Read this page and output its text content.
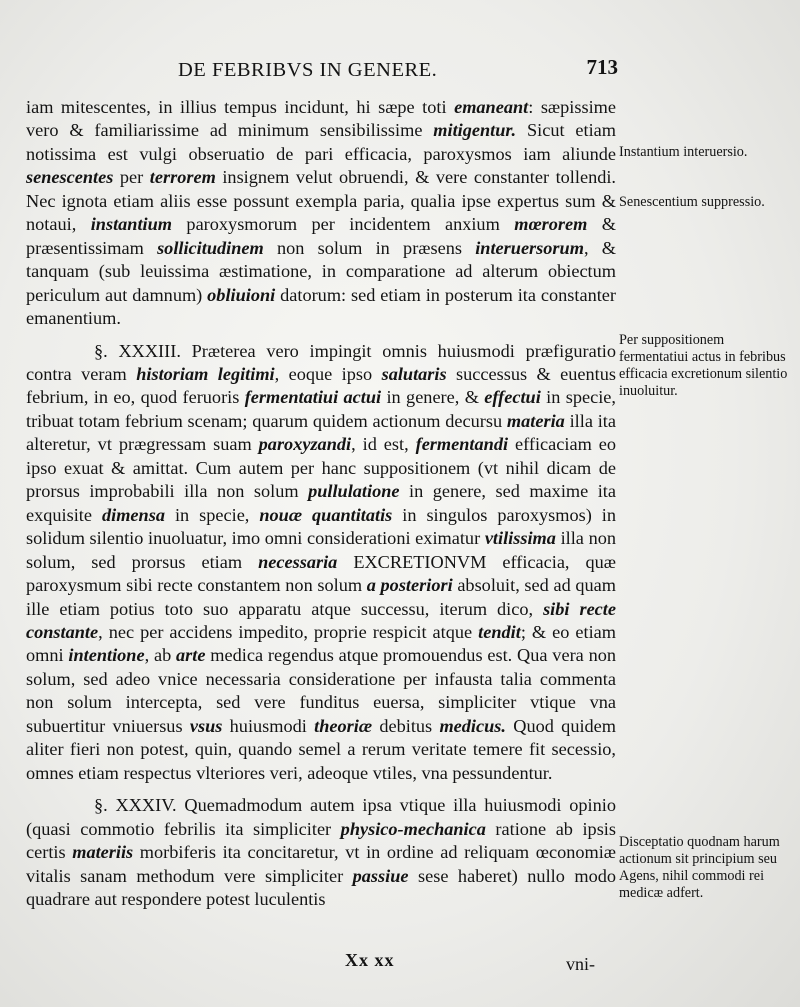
DE FEBRIBVS IN GENERE.	713

iam mitescentes, in illius tempus incidunt, hi sæpe toti emaneant: sæpissime vero & familiarissime ad minimum sensibilissime mitigentur. Sicut etiam notissima est vulgi obseruatio de pari efficacia, paroxysmos iam aliunde senescentes per terrorem insignem velut obruendi, & vere constanter tollendi. Nec ignota etiam aliis esse possunt exempla paria, qualia ipse expertus sum & notaui, instantium paroxysmorum per incidentem anxium mœrorem & præsentissimam sollicitudinem non solum in præsens interuersorum, & tanquam (sub leuissima æstimatione, in comparatione ad alterum obiectum periculum aut damnum) obliuioni datorum: sed etiam in posterum ita constanter emanentium.

§. XXXIII. Præterea vero impingit omnis huiusmodi præfiguratio contra veram historiam legitimi, eoque ipso salutaris successus & euentus febrium, in eo, quod feruoris fermentatiui actui in genere, & effectui in specie, tribuat totam febrium scenam; quarum quidem actionum decursu materia illa ita alteretur, vt prægressam suam paroxyzandi, id est, fermentandi efficaciam eo ipso exuat & amittat. Cum autem per hanc suppositionem (vt nihil dicam de prorsus improbabili illa non solum pullulatione in genere, sed maxime ita exquisite dimensa in specie, nouæ quantitatis in singulos paroxysmos) in solidum silentio inuoluatur, imo omni considerationi eximatur vtilissima illa non solum, sed prorsus etiam necessaria EXCRETIONVM efficacia, quæ paroxysmum sibi recte constantem non solum a posteriori absoluit, sed ad quam ille etiam potius toto suo apparatu atque successu, iterum dico, sibi recte constante, nec per accidens impedito, proprie respicit atque tendit; & eo etiam omni intentione, ab arte medica regendus atque promouendus est. Qua vera non solum, sed adeo vnice necessaria consideratione per infausta talia commenta non solum intercepta, sed vere funditus euersa, simpliciter vtique vna subuertitur vniuersus vsus huiusmodi theoriæ debitus medicus. Quod quidem aliter fieri non potest, quin, quando semel a rerum veritate temere fit secessio, omnes etiam respectus vlteriores veri, adeoque vtiles, vna pessundentur.

§. XXXIV. Quemadmodum autem ipsa vtique illa huiusmodi opinio (quasi commotio febrilis ita simpliciter physico-mechanica ratione ab ipsis certis materiis morbiferis ita concitaretur, vt in ordine ad reliquam œconomiæ vitalis sanam methodum vere simpliciter passiue sese haberet) nullo modo quadrare aut respondere potest luculentis

Instantium interuersio.
Senescentium suppressio.
Per suppositionem fermentatiui actus in febribus efficacia excretionum silentio inuoluitur.
Disceptatio quodnam harum actionum sit principium seu Agens, nihil commodi rei medicæ adfert.
Xx xx	vni-
